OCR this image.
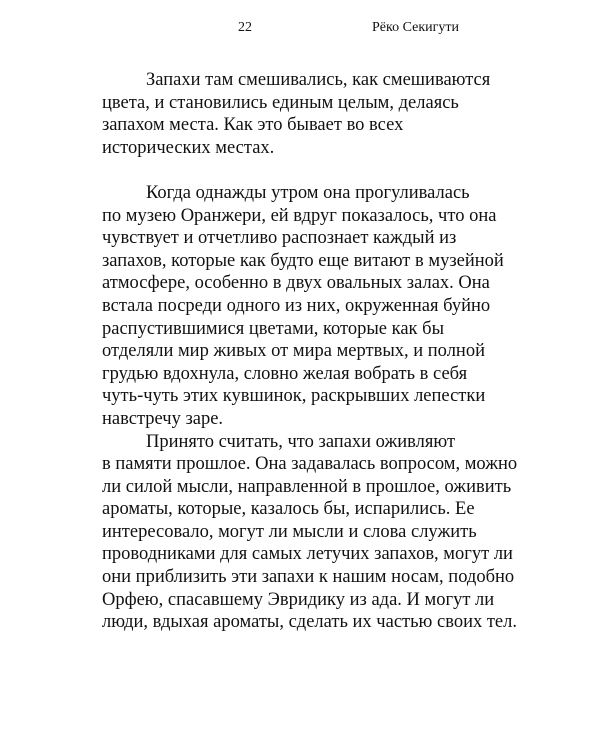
22	Рёко Секигути
Запахи там смешивались, как смешиваются
цвета, и становились единым целым, делаясь
запахом места. Как это бывает во всех
исторических местах.
Когда однажды утром она прогуливалась
по музею Оранжери, ей вдруг показалось, что она
чувствует и отчетливо распознает каждый из
запахов, которые как будто еще витают в музейной
атмосфере, особенно в двух овальных залах. Она
встала посреди одного из них, окруженная буйно
распустившимися цветами, которые как бы
отделяли мир живых от мира мертвых, и полной
грудью вдохнула, словно желая вобрать в себя
чуть-чуть этих кувшинок, раскрывших лепестки
навстречу заре.
Принято считать, что запахи оживляют
в памяти прошлое. Она задавалась вопросом, можно
ли силой мысли, направленной в прошлое, оживить
ароматы, которые, казалось бы, испарились. Ее
интересовало, могут ли мысли и слова служить
проводниками для самых летучих запахов, могут ли
они приблизить эти запахи к нашим носам, подобно
Орфею, спасавшему Эвридику из ада. И могут ли
люди, вдыхая ароматы, сделать их частью своих тел.
